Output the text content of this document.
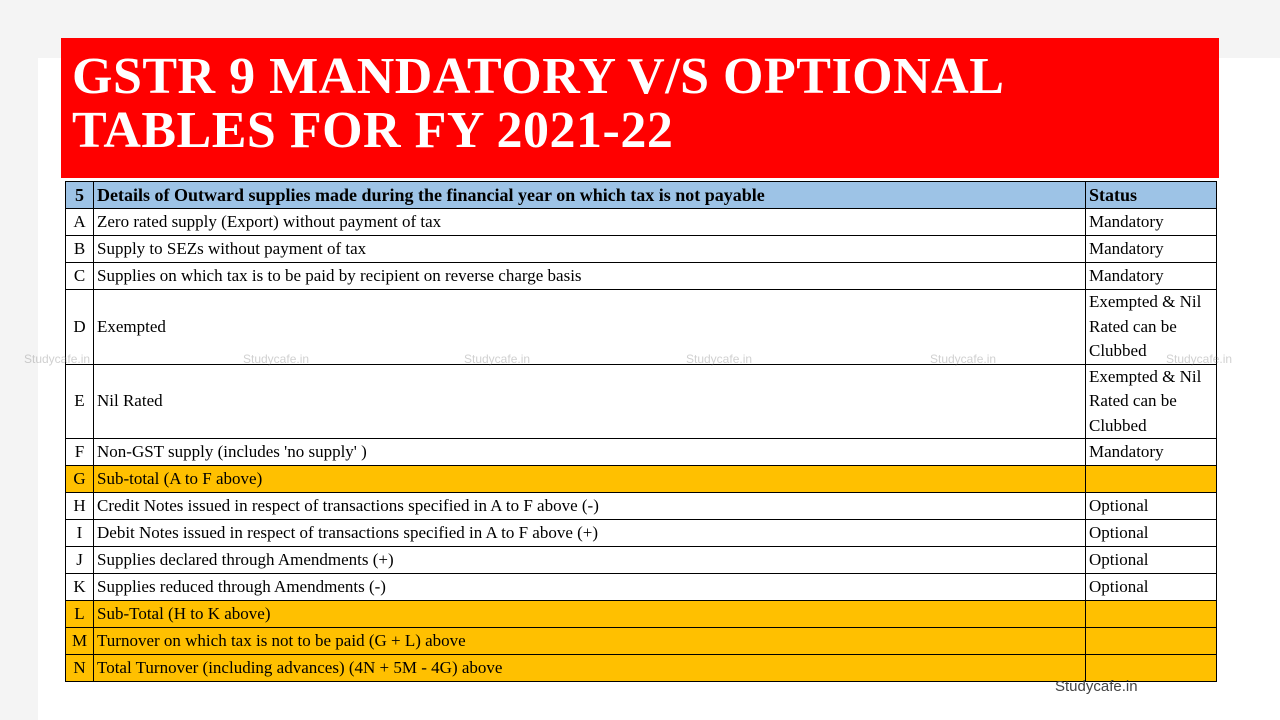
GSTR 9 MANDATORY V/S OPTIONAL
TABLES FOR FY 2021-22
5	Details of Outward supplies made during the financial year on which tax is not payable	Status
A	Zero rated supply (Export) without payment of tax	Mandatory
B	Supply to SEZs without payment of tax	Mandatory
C	Supplies on which tax is to be paid by recipient on reverse charge basis	Mandatory
D	Exempted	Exempted & Nil Rated can be Clubbed
E	Nil Rated	Exempted & Nil Rated can be Clubbed
F	Non-GST supply (includes 'no supply' )	Mandatory
G	Sub-total (A to F above)	
H	Credit Notes issued in respect of transactions specified in A to F above (-)	Optional
I	Debit Notes issued in respect of transactions specified in A to F above (+)	Optional
J	Supplies declared through Amendments (+)	Optional
K	Supplies reduced through Amendments (-)	Optional
L	Sub-Total (H to K above)	
M	Turnover on which tax is not to be paid (G + L) above	
N	Total Turnover (including advances) (4N + 5M - 4G) above	
Studycafe.in	Studycafe.in	Studycafe.in	Studycafe.in	Studycafe.in	Studycafe.in
Studycafe.in
